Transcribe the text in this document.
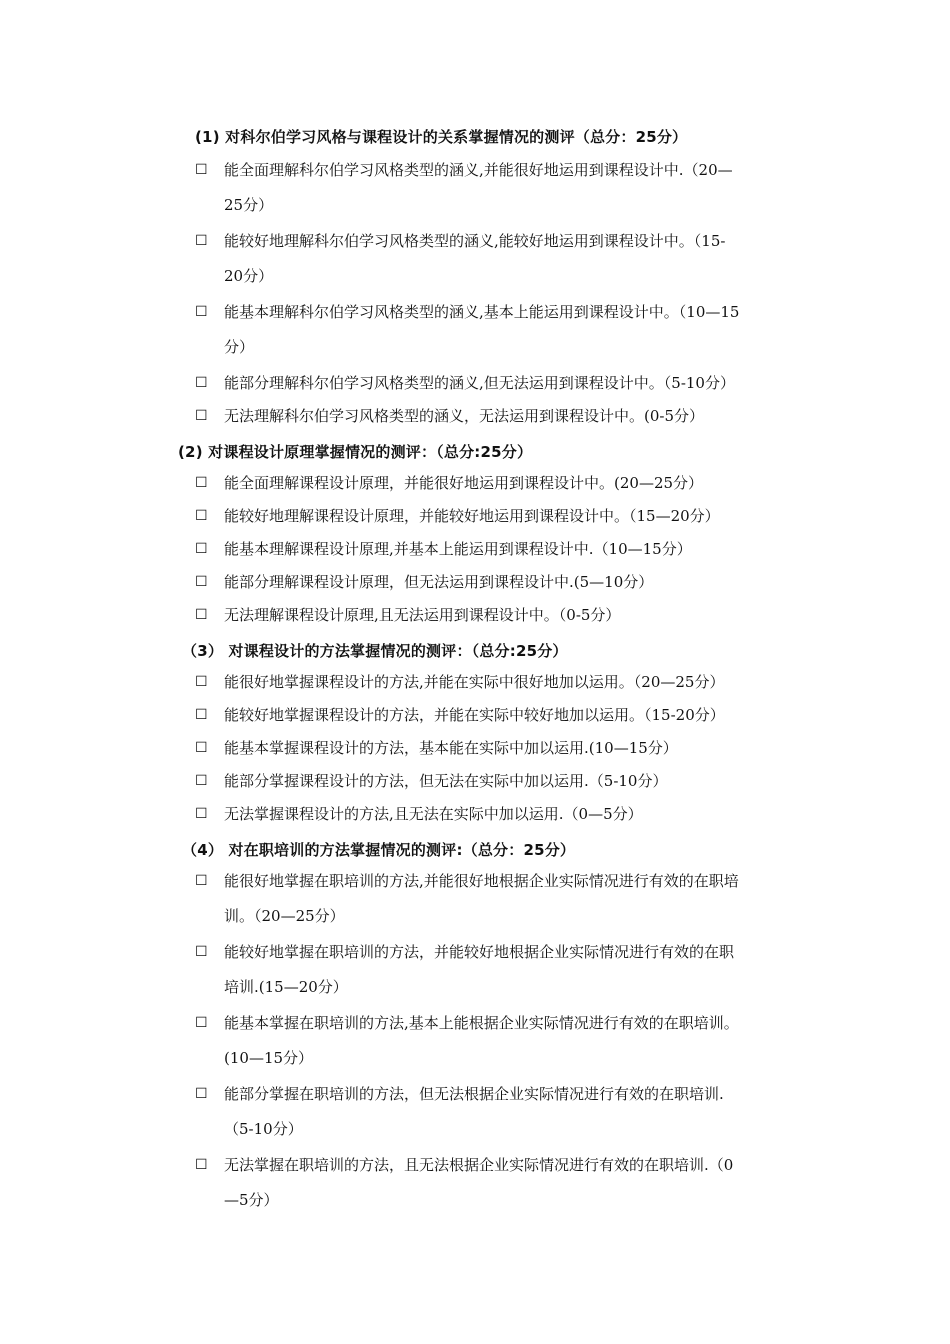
(1) 对科尔伯学习风格与课程设计的关系掌握情况的测评（总分：25分）
☐	能全面理解科尔伯学习风格类型的涵义,并能很好地运用到课程设计中.（20—
25分）
☐	能较好地理解科尔伯学习风格类型的涵义,能较好地运用到课程设计中。（15-
20分）
☐	能基本理解科尔伯学习风格类型的涵义,基本上能运用到课程设计中。（10—15
分）
☐	能部分理解科尔伯学习风格类型的涵义,但无法运用到课程设计中。（5-10分）
☐	无法理解科尔伯学习风格类型的涵义，无法运用到课程设计中。(0-5分）
(2) 对课程设计原理掌握情况的测评：（总分:25分）
☐	能全面理解课程设计原理，并能很好地运用到课程设计中。(20—25分）
☐	能较好地理解课程设计原理，并能较好地运用到课程设计中。（15—20分）
☐	能基本理解课程设计原理,并基本上能运用到课程设计中.（10—15分）
☐	能部分理解课程设计原理，但无法运用到课程设计中.(5—10分）
☐	无法理解课程设计原理,且无法运用到课程设计中。（0-5分）
（3） 对课程设计的方法掌握情况的测评：（总分:25分）
☐	能很好地掌握课程设计的方法,并能在实际中很好地加以运用。（20—25分）
☐	能较好地掌握课程设计的方法，并能在实际中较好地加以运用。（15-20分）
☐	能基本掌握课程设计的方法，基本能在实际中加以运用.(10—15分）
☐	能部分掌握课程设计的方法，但无法在实际中加以运用.（5-10分）
☐	无法掌握课程设计的方法,且无法在实际中加以运用.（0—5分）
（4） 对在职培训的方法掌握情况的测评:（总分：25分）
☐	能很好地掌握在职培训的方法,并能很好地根据企业实际情况进行有效的在职培
训。（20—25分）
☐	能较好地掌握在职培训的方法，并能较好地根据企业实际情况进行有效的在职
培训.(15—20分）
☐	能基本掌握在职培训的方法,基本上能根据企业实际情况进行有效的在职培训。
(10—15分）
☐	能部分掌握在职培训的方法，但无法根据企业实际情况进行有效的在职培训.
（5-10分）
☐	无法掌握在职培训的方法，且无法根据企业实际情况进行有效的在职培训.（0
—5分）
